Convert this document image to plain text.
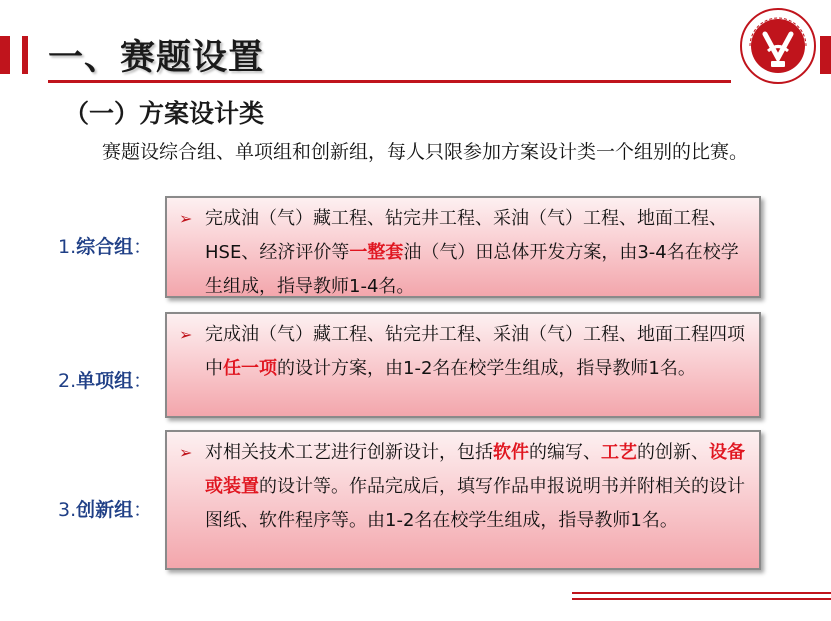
一、赛题设置
（一）方案设计类
赛题设综合组、单项组和创新组，每人只限参加方案设计类一个组别的比赛。
1.综合组：
➢ 完成油（气）藏工程、钻完井工程、采油（气）工程、地面工程、HSE、经济评价等一整套油（气）田总体开发方案，由3-4名在校学生组成，指导教师1-4名。
2.单项组：
➢ 完成油（气）藏工程、钻完井工程、采油（气）工程、地面工程四项中任一项的设计方案，由1-2名在校学生组成，指导教师1名。
3.创新组：
➢ 对相关技术工艺进行创新设计，包括软件的编写、工艺的创新、设备或装置的设计等。作品完成后，填写作品申报说明书并附相关的设计图纸、软件程序等。由1-2名在校学生组成，指导教师1名。
